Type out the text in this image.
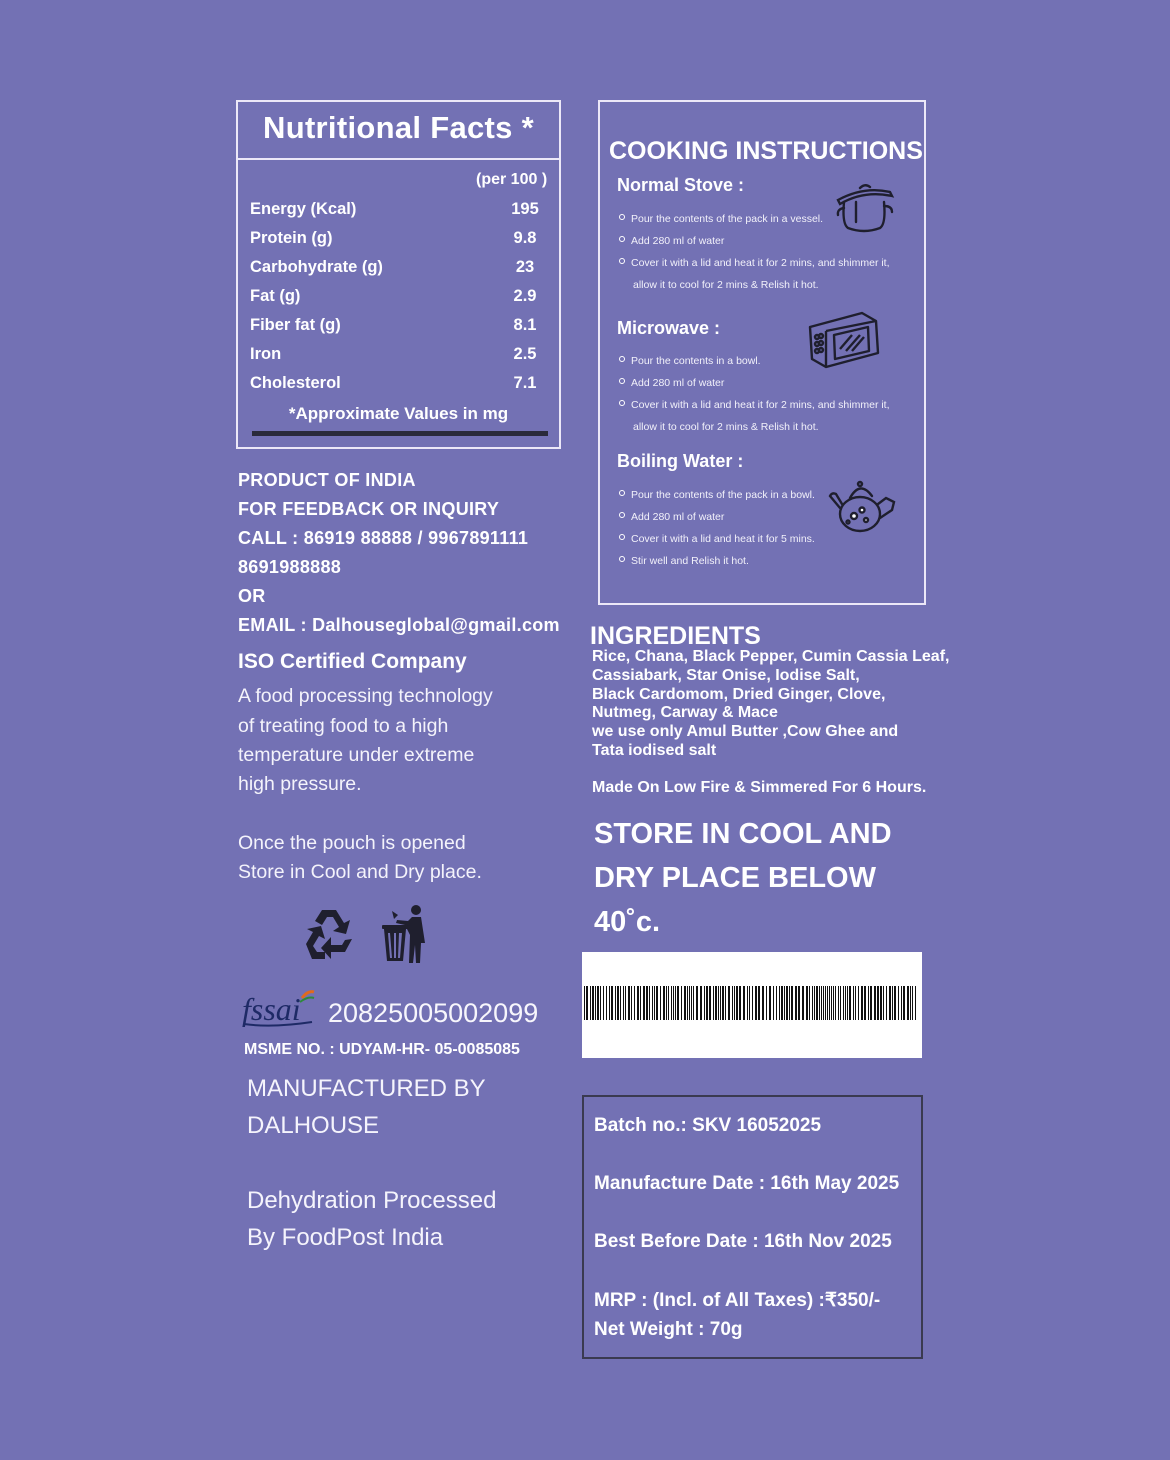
Nutritional Facts *
(per 100 )
Energy (Kcal)	195
Protein (g)	9.8
Carbohydrate (g)	23
Fat (g)	2.9
Fiber fat (g)	8.1
Iron	2.5
Cholesterol	7.1
*Approximate Values in mg
PRODUCT OF INDIA
FOR FEEDBACK OR INQUIRY
CALL : 86919 88888 / 9967891111
8691988888
OR
EMAIL : Dalhouseglobal@gmail.com
ISO Certified Company
A food processing technology
of treating food to a high
temperature under extreme
high pressure.
Once the pouch is opened
Store in Cool and Dry place.
fssai 20825005002099
MSME NO. : UDYAM-HR- 05-0085085
MANUFACTURED BY
DALHOUSE
Dehydration Processed
By FoodPost India
COOKING INSTRUCTIONS
Normal Stove :
Pour the contents of the pack in a vessel.
Add 280 ml of water
Cover it with a lid and heat it for 2 mins, and shimmer it,
allow it to cool for 2 mins & Relish it hot.
Microwave :
Pour the contents in a bowl.
Add 280 ml of water
Cover it with a lid and heat it for 2 mins, and shimmer it,
allow it to cool for 2 mins & Relish it hot.
Boiling Water :
Pour the contents of the pack in a bowl.
Add 280 ml of water
Cover it with a lid and heat it for 5 mins.
Stir well and Relish it hot.
INGREDIENTS
Rice, Chana, Black Pepper, Cumin Cassia Leaf,
Cassiabark, Star Onise, Iodise Salt,
Black Cardomom, Dried Ginger, Clove,
Nutmeg, Carway & Mace
we use only Amul Butter ,Cow Ghee and
Tata iodised salt
Made On Low Fire & Simmered For 6 Hours.
STORE IN COOL AND
DRY PLACE BELOW
40˚c.
Batch no.: SKV 16052025
Manufacture Date : 16th May 2025
Best Before Date : 16th Nov 2025
MRP : (Incl. of All Taxes) :₹350/-
Net Weight : 70g
